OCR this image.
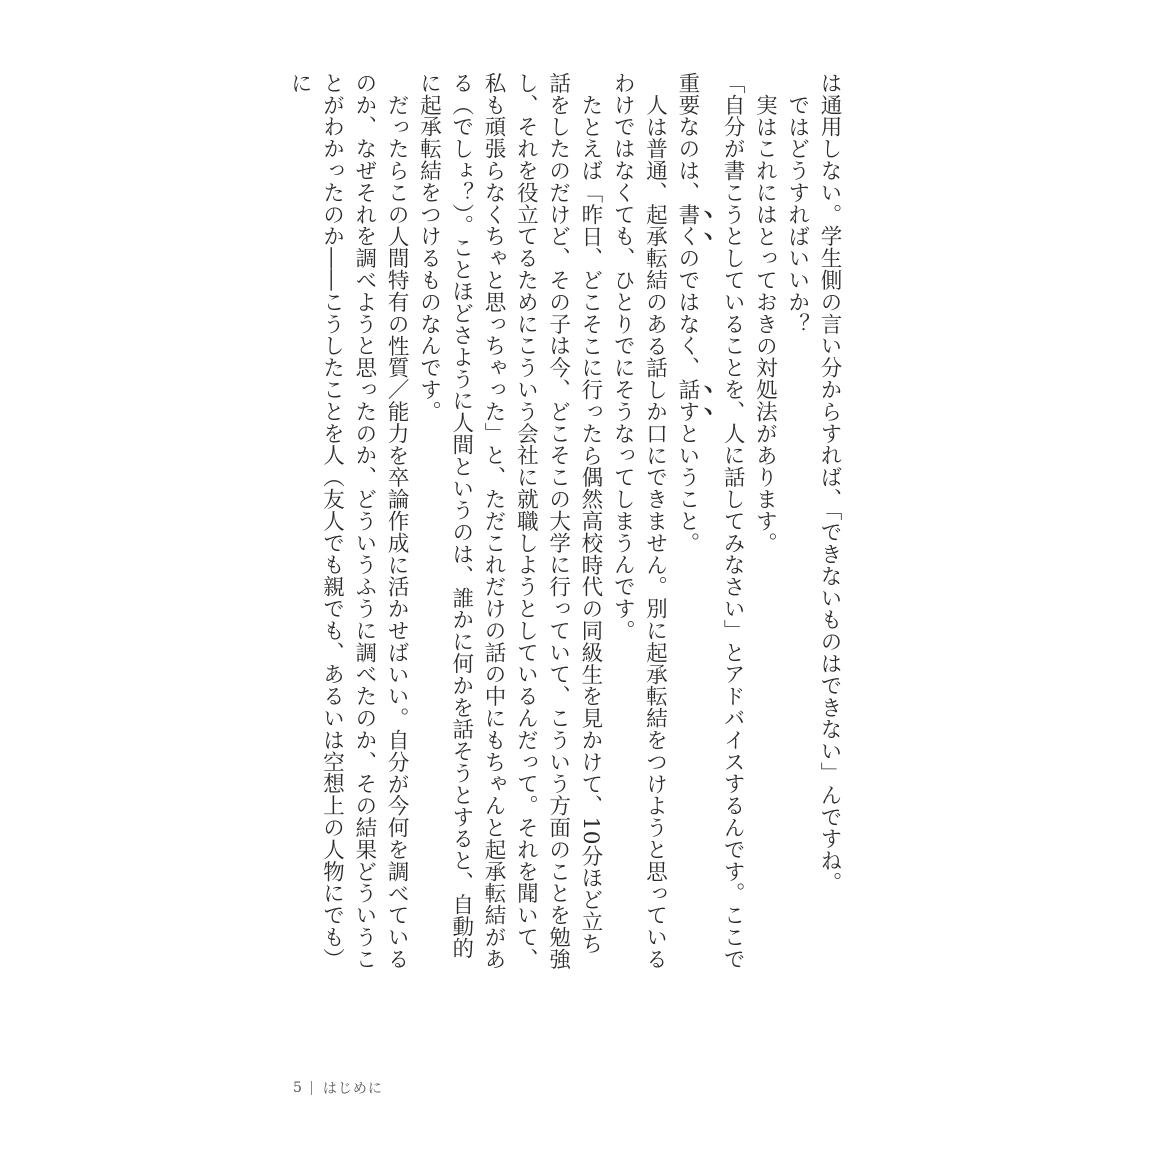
は通用しない。学生側の言い分からすれば、「できないものはできない」んですね。

ではどうすればいいか？

実はこれにはとっておきの対処法があります。

「自分が書こうとしていることを、人に話してみなさい」とアドバイスするんです。ここで重要なのは、書くのではなく、話すということ。

人は普通、起承転結のある話しか口にできません。別に起承転結をつけようと思っているわけではなくても、ひとりでにそうなってしまうんです。

たとえば「昨日、どこそこに行ったら偶然高校時代の同級生を見かけて、10分ほど立ち話をしたのだけど、その子は今、どこそこの大学に行っていて、こういう方面のことを勉強し、それを役立てるためにこういう会社に就職しようとしているんだって。それを聞いて、私も頑張らなくちゃと思っちゃった」と、ただこれだけの話の中にもちゃんと起承転結がある（でしょ？）。ことほどさように人間というのは、誰かに何かを話そうとすると、自動的に起承転結をつけるものなんです。

だったらこの人間特有の性質／能力を卒論作成に活かせばいい。自分が今何を調べているのか、なぜそれを調べようと思ったのか、どういうふうに調べたのか、その結果どういうことがわかったのか――こうしたことを人（友人でも親でも、あるいは空想上の人物にでも）に

5 はじめに
